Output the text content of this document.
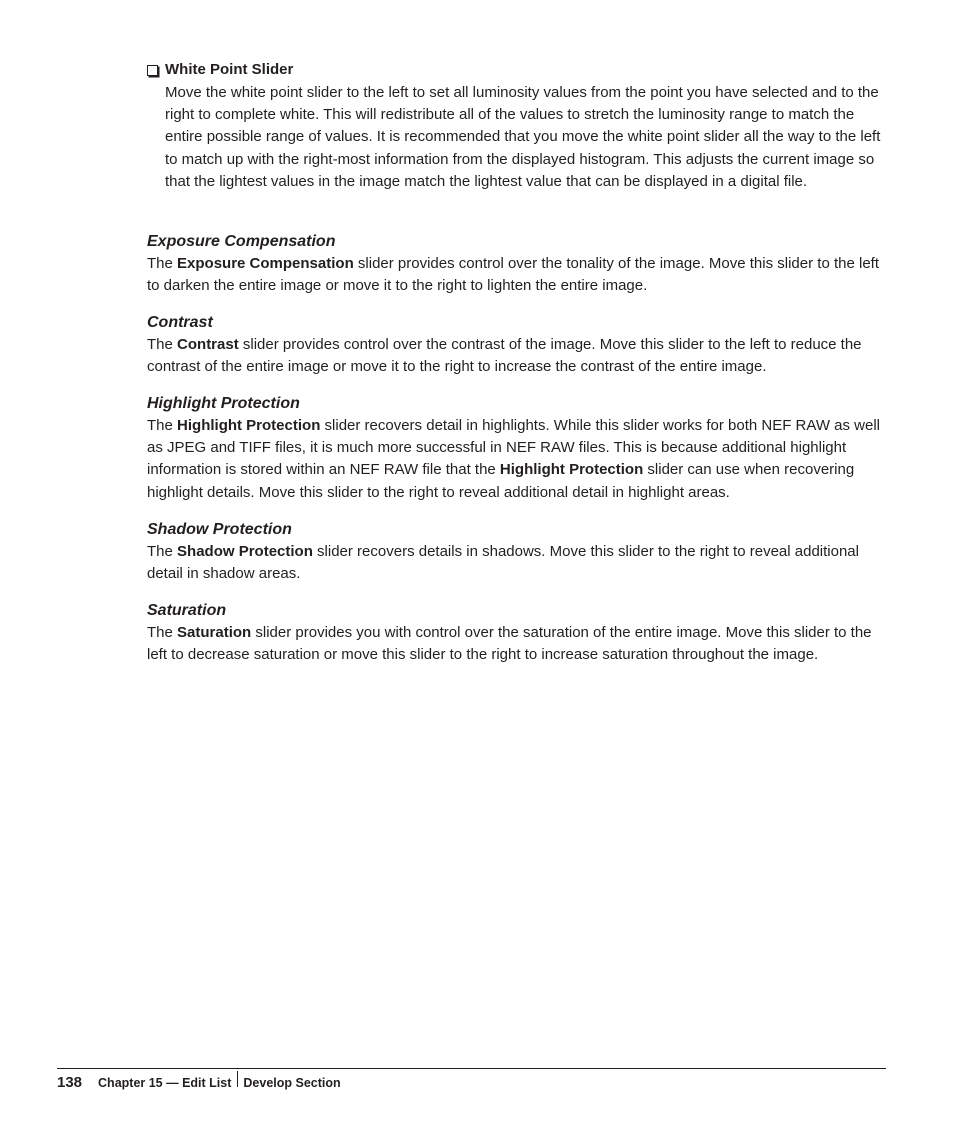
White Point Slider
Move the white point slider to the left to set all luminosity values from the point you have selected and to the right to complete white. This will redistribute all of the values to stretch the luminosity range to match the entire possible range of values. It is recommended that you move the white point slider all the way to the left to match up with the right-most information from the displayed histogram. This adjusts the current image so that the lightest values in the image match the lightest value that can be displayed in a digital file.
Exposure Compensation

The Exposure Compensation slider provides control over the tonality of the image. Move this slider to the left to darken the entire image or move it to the right to lighten the entire image.

Contrast

The Contrast slider provides control over the contrast of the image. Move this slider to the left to reduce the contrast of the entire image or move it to the right to increase the contrast of the entire image.

Highlight Protection

The Highlight Protection slider recovers detail in highlights. While this slider works for both NEF RAW as well as JPEG and TIFF files, it is much more successful in NEF RAW files. This is because additional highlight information is stored within an NEF RAW file that the Highlight Protection slider can use when recovering highlight details. Move this slider to the right to reveal additional detail in highlight areas.

Shadow Protection

The Shadow Protection slider recovers details in shadows. Move this slider to the right to reveal additional detail in shadow areas.

Saturation

The Saturation slider provides you with control over the saturation of the entire image. Move this slider to the left to decrease saturation or move this slider to the right to increase saturation throughout the image.

138 Chapter 15 — Edit List Develop Section
